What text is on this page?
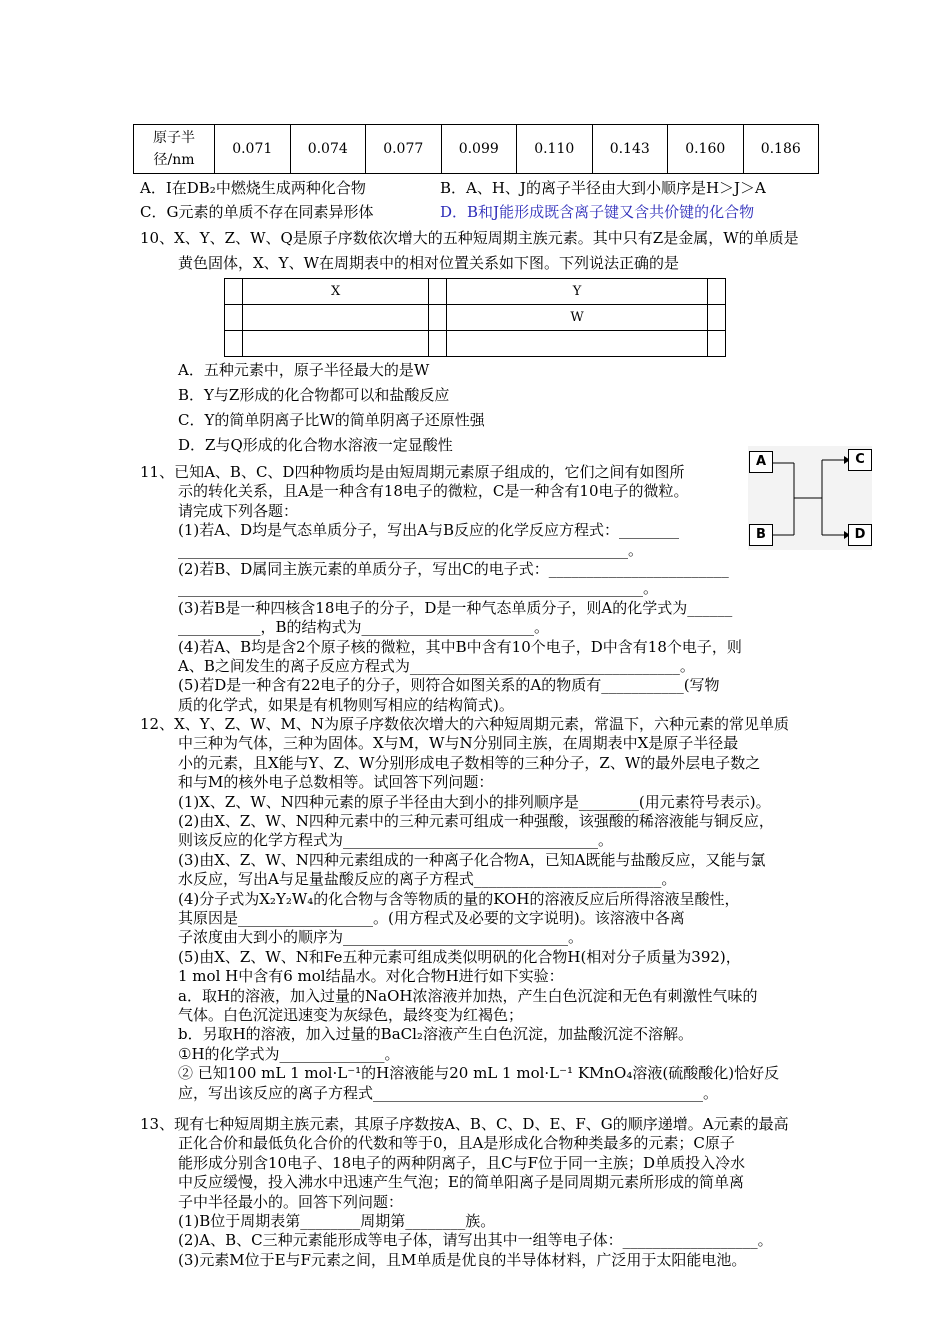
原子半径/nm	0.071	0.074	0.077	0.099	0.110	0.143	0.160	0.186
A．I在DB₂中燃烧生成两种化合物	B．A、H、J的离子半径由大到小顺序是H＞J＞A
C．G元素的单质不存在同素异形体	D．B和J能形成既含离子键又含共价键的化合物
10、X、Y、Z、W、Q是原子序数依次增大的五种短周期主族元素。其中只有Z是金属，W的单质是
黄色固体，X、Y、W在周期表中的相对位置关系如下图。下列说法正确的是
	X		Y	
			W	

A．五种元素中，原子半径最大的是W
B．Y与Z形成的化合物都可以和盐酸反应
C．Y的简单阴离子比W的简单阴离子还原性强
D．Z与Q形成的化合物水溶液一定显酸性
11、已知A、B、C、D四种物质均是由短周期元素原子组成的，它们之间有如图所
示的转化关系，且A是一种含有18电子的微粒，C是一种含有10电子的微粒。
请完成下列各题：
(1)若A、D均是气态单质分子，写出A与B反应的化学反应方程式：________
____________________________________________________________。
(2)若B、D属同主族元素的单质分子，写出C的电子式：________________________
______________________________________________________________。
(3)若B是一种四核含18电子的分子，D是一种气态单质分子，则A的化学式为______
___________，B的结构式为_______________________。
(4)若A、B均是含2个原子核的微粒，其中B中含有10个电子，D中含有18个电子，则
A、B之间发生的离子反应方程式为____________________________________。
(5)若D是一种含有22电子的分子，则符合如图关系的A的物质有___________(写物
质的化学式，如果是有机物则写相应的结构简式)。
A
B
C
D
12、X、Y、Z、W、M、N为原子序数依次增大的六种短周期元素，常温下，六种元素的常见单质
中三种为气体，三种为固体。X与M，W与N分别同主族，在周期表中X是原子半径最
小的元素，且X能与Y、Z、W分别形成电子数相等的三种分子，Z、W的最外层电子数之
和与M的核外电子总数相等。试回答下列问题：
(1)X、Z、W、N四种元素的原子半径由大到小的排列顺序是________(用元素符号表示)。
(2)由X、Z、W、N四种元素中的三种元素可组成一种强酸，该强酸的稀溶液能与铜反应，
则该反应的化学方程式为__________________________________。
(3)由X、Z、W、N四种元素组成的一种离子化合物A，已知A既能与盐酸反应，又能与氯
水反应，写出A与足量盐酸反应的离子方程式_________________________。
(4)分子式为X₂Y₂W₄的化合物与含等物质的量的KOH的溶液反应后所得溶液呈酸性，
其原因是__________________。(用方程式及必要的文字说明)。该溶液中各离
子浓度由大到小的顺序为______________________________。
(5)由X、Z、W、N和Fe五种元素可组成类似明矾的化合物H(相对分子质量为392)，
1 mol H中含有6 mol结晶水。对化合物H进行如下实验：
a．取H的溶液，加入过量的NaOH浓溶液并加热，产生白色沉淀和无色有刺激性气味的
气体。白色沉淀迅速变为灰绿色，最终变为红褐色；
b．另取H的溶液，加入过量的BaCl₂溶液产生白色沉淀，加盐酸沉淀不溶解。
①H的化学式为______________。
② 已知100 mL 1 mol·L⁻¹的H溶液能与20 mL 1 mol·L⁻¹ KMnO₄溶液(硫酸酸化)恰好反
应，写出该反应的离子方程式____________________________________________。
13、现有七种短周期主族元素，其原子序数按A、B、C、D、E、F、G的顺序递增。A元素的最高
正化合价和最低负化合价的代数和等于0，且A是形成化合物种类最多的元素；C原子
能形成分别含10电子、18电子的两种阴离子，且C与F位于同一主族；D单质投入冷水
中反应缓慢，投入沸水中迅速产生气泡；E的简单阳离子是同周期元素所形成的简单离
子中半径最小的。回答下列问题：
(1)B位于周期表第________周期第________族。
(2)A、B、C三种元素能形成等电子体，请写出其中一组等电子体：__________________。
(3)元素M位于E与F元素之间，且M单质是优良的半导体材料，广泛用于太阳能电池。
